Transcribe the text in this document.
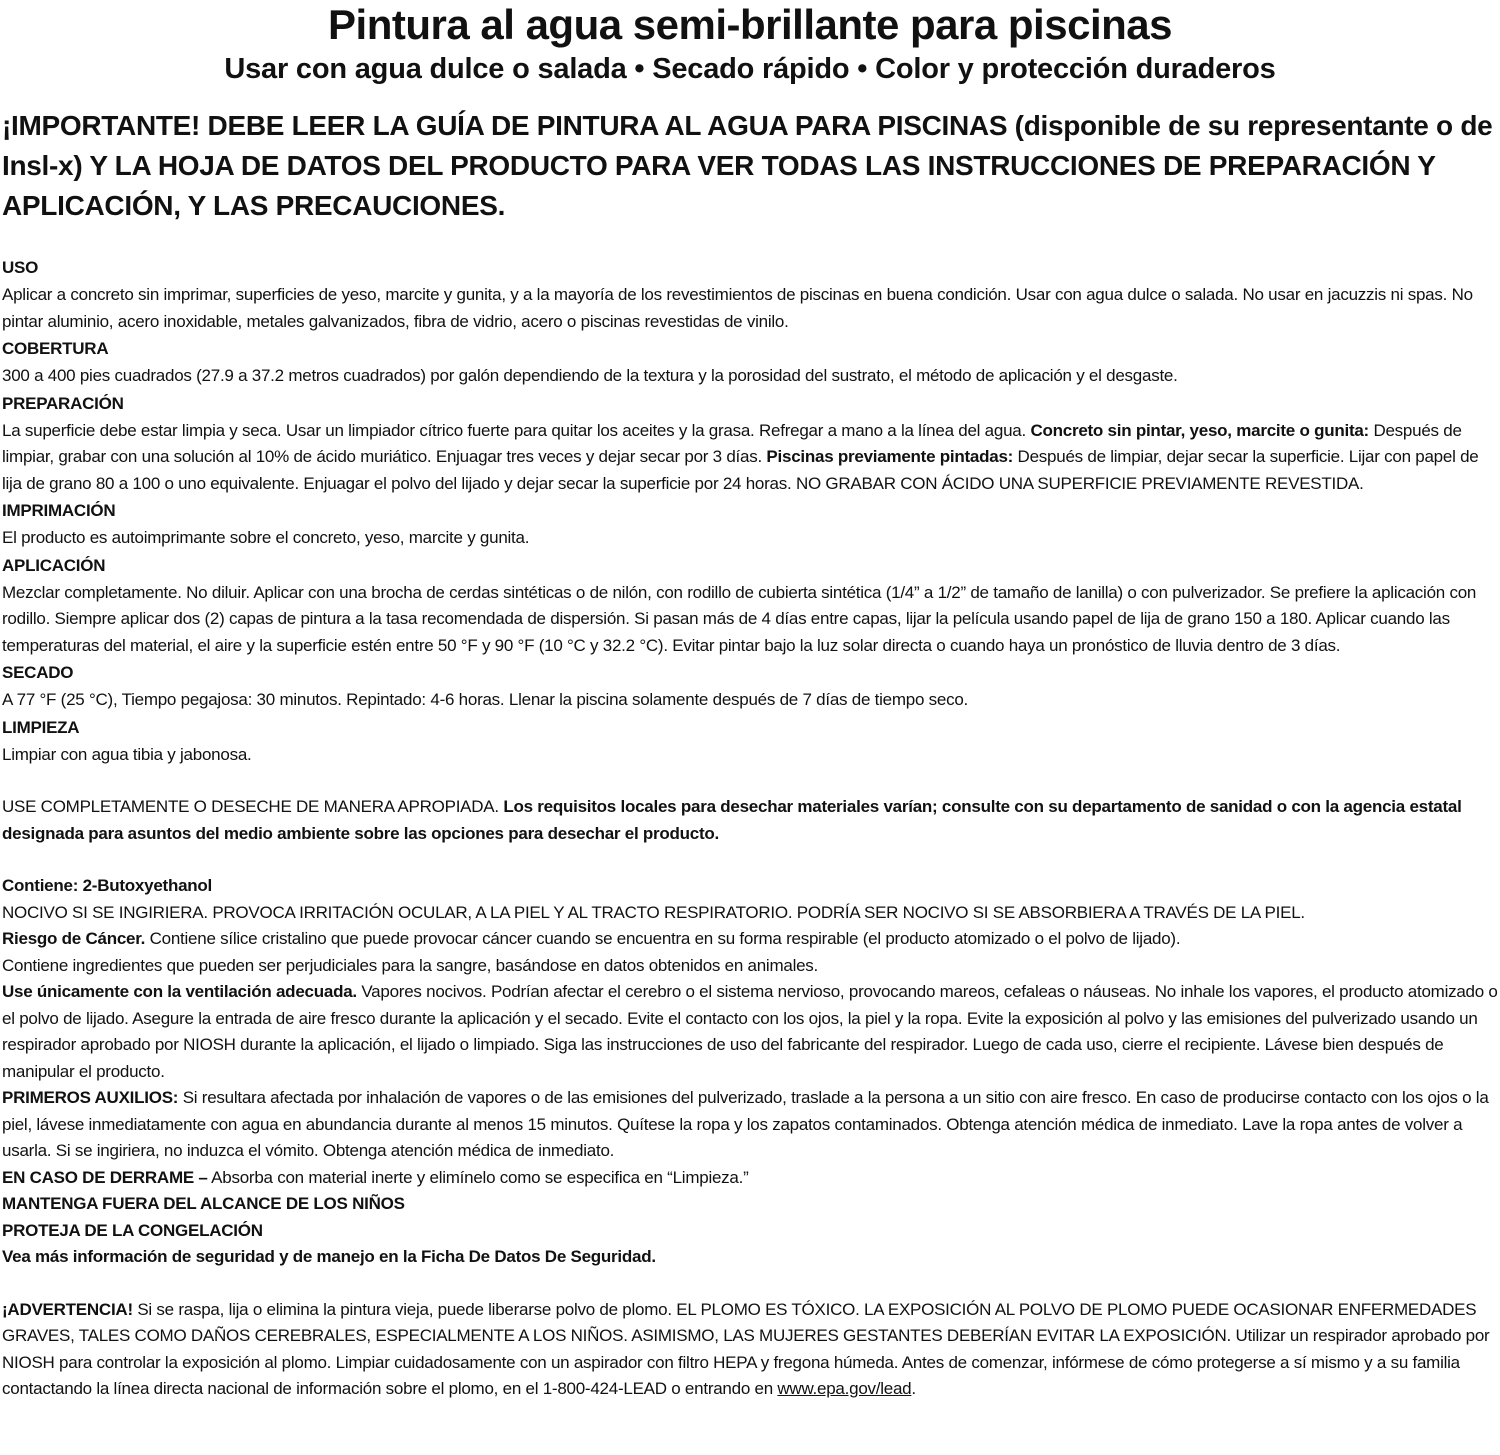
Pintura al agua semi-brillante para piscinas
Usar con agua dulce o salada • Secado rápido • Color y protección duraderos
¡IMPORTANTE! DEBE LEER LA GUÍA DE PINTURA AL AGUA PARA PISCINAS (disponible de su representante o de Insl-x) Y LA HOJA DE DATOS DEL PRODUCTO PARA VER TODAS LAS INSTRUCCIONES DE PREPARACIÓN Y APLICACIÓN, Y LAS PRECAUCIONES.
USO

Aplicar a concreto sin imprimar, superficies de yeso, marcite y gunita, y a la mayoría de los revestimientos de piscinas en buena condición. Usar con agua dulce o salada. No usar en jacuzzis ni spas. No pintar aluminio, acero inoxidable, metales galvanizados, fibra de vidrio, acero o piscinas revestidas de vinilo.

COBERTURA

300 a 400 pies cuadrados (27.9 a 37.2 metros cuadrados) por galón dependiendo de la textura y la porosidad del sustrato, el método de aplicación y el desgaste.

PREPARACIÓN

La superficie debe estar limpia y seca. Usar un limpiador cítrico fuerte para quitar los aceites y la grasa. Refregar a mano a la línea del agua. Concreto sin pintar, yeso, marcite o gunita: Después de limpiar, grabar con una solución al 10% de ácido muriático. Enjuagar tres veces y dejar secar por 3 días. Piscinas previamente pintadas: Después de limpiar, dejar secar la superficie. Lijar con papel de lija de grano 80 a 100 o uno equivalente. Enjuagar el polvo del lijado y dejar secar la superficie por 24 horas. NO GRABAR CON ÁCIDO UNA SUPERFICIE PREVIAMENTE REVESTIDA.

IMPRIMACIÓN

El producto es autoimprimante sobre el concreto, yeso, marcite y gunita.

APLICACIÓN

Mezclar completamente. No diluir. Aplicar con una brocha de cerdas sintéticas o de nilón, con rodillo de cubierta sintética (1/4” a 1/2” de tamaño de lanilla) o con pulverizador. Se prefiere la aplicación con rodillo. Siempre aplicar dos (2) capas de pintura a la tasa recomendada de dispersión. Si pasan más de 4 días entre capas, lijar la película usando papel de lija de grano 150 a 180. Aplicar cuando las temperaturas del material, el aire y la superficie estén entre 50 °F y 90 °F (10 °C y 32.2 °C). Evitar pintar bajo la luz solar directa o cuando haya un pronóstico de lluvia dentro de 3 días.

SECADO

A 77 °F (25 °C), Tiempo pegajosa: 30 minutos. Repintado: 4-6 horas. Llenar la piscina solamente después de 7 días de tiempo seco.

LIMPIEZA

Limpiar con agua tibia y jabonosa.

USE COMPLETAMENTE O DESECHE DE MANERA APROPIADA. Los requisitos locales para desechar materiales varían; consulte con su departamento de sanidad o con la agencia estatal designada para asuntos del medio ambiente sobre las opciones para desechar el producto.

Contiene: 2-Butoxyethanol

NOCIVO SI SE INGIRIERA. PROVOCA IRRITACIÓN OCULAR, A LA PIEL Y AL TRACTO RESPIRATORIO. PODRÍA SER NOCIVO SI SE ABSORBIERA A TRAVÉS DE LA PIEL.

Riesgo de Cáncer. Contiene sílice cristalino que puede provocar cáncer cuando se encuentra en su forma respirable (el producto atomizado o el polvo de lijado).

Contiene ingredientes que pueden ser perjudiciales para la sangre, basándose en datos obtenidos en animales.

Use únicamente con la ventilación adecuada. Vapores nocivos. Podrían afectar el cerebro o el sistema nervioso, provocando mareos, cefaleas o náuseas. No inhale los vapores, el producto atomizado o el polvo de lijado. Asegure la entrada de aire fresco durante la aplicación y el secado. Evite el contacto con los ojos, la piel y la ropa. Evite la exposición al polvo y las emisiones del pulverizado usando un respirador aprobado por NIOSH durante la aplicación, el lijado o limpiado. Siga las instrucciones de uso del fabricante del respirador. Luego de cada uso, cierre el recipiente. Lávese bien después de manipular el producto.

PRIMEROS AUXILIOS: Si resultara afectada por inhalación de vapores o de las emisiones del pulverizado, traslade a la persona a un sitio con aire fresco. En caso de producirse contacto con los ojos o la piel, lávese inmediatamente con agua en abundancia durante al menos 15 minutos. Quítese la ropa y los zapatos contaminados. Obtenga atención médica de inmediato. Lave la ropa antes de volver a usarla. Si se ingiriera, no induzca el vómito. Obtenga atención médica de inmediato.

EN CASO DE DERRAME – Absorba con material inerte y elimínelo como se especifica en “Limpieza.”

MANTENGA FUERA DEL ALCANCE DE LOS NIÑOS

PROTEJA DE LA CONGELACIÓN

Vea más información de seguridad y de manejo en la Ficha De Datos De Seguridad.

¡ADVERTENCIA! Si se raspa, lija o elimina la pintura vieja, puede liberarse polvo de plomo. EL PLOMO ES TÓXICO. LA EXPOSICIÓN AL POLVO DE PLOMO PUEDE OCASIONAR ENFERMEDADES GRAVES, TALES COMO DAÑOS CEREBRALES, ESPECIALMENTE A LOS NIÑOS. ASIMISMO, LAS MUJERES GESTANTES DEBERÍAN EVITAR LA EXPOSICIÓN. Utilizar un respirador aprobado por NIOSH para controlar la exposición al plomo. Limpiar cuidadosamente con un aspirador con filtro HEPA y fregona húmeda. Antes de comenzar, infórmese de cómo protegerse a sí mismo y a su familia contactando la línea directa nacional de información sobre el plomo, en el 1-800-424-LEAD o entrando en www.epa.gov/lead.
